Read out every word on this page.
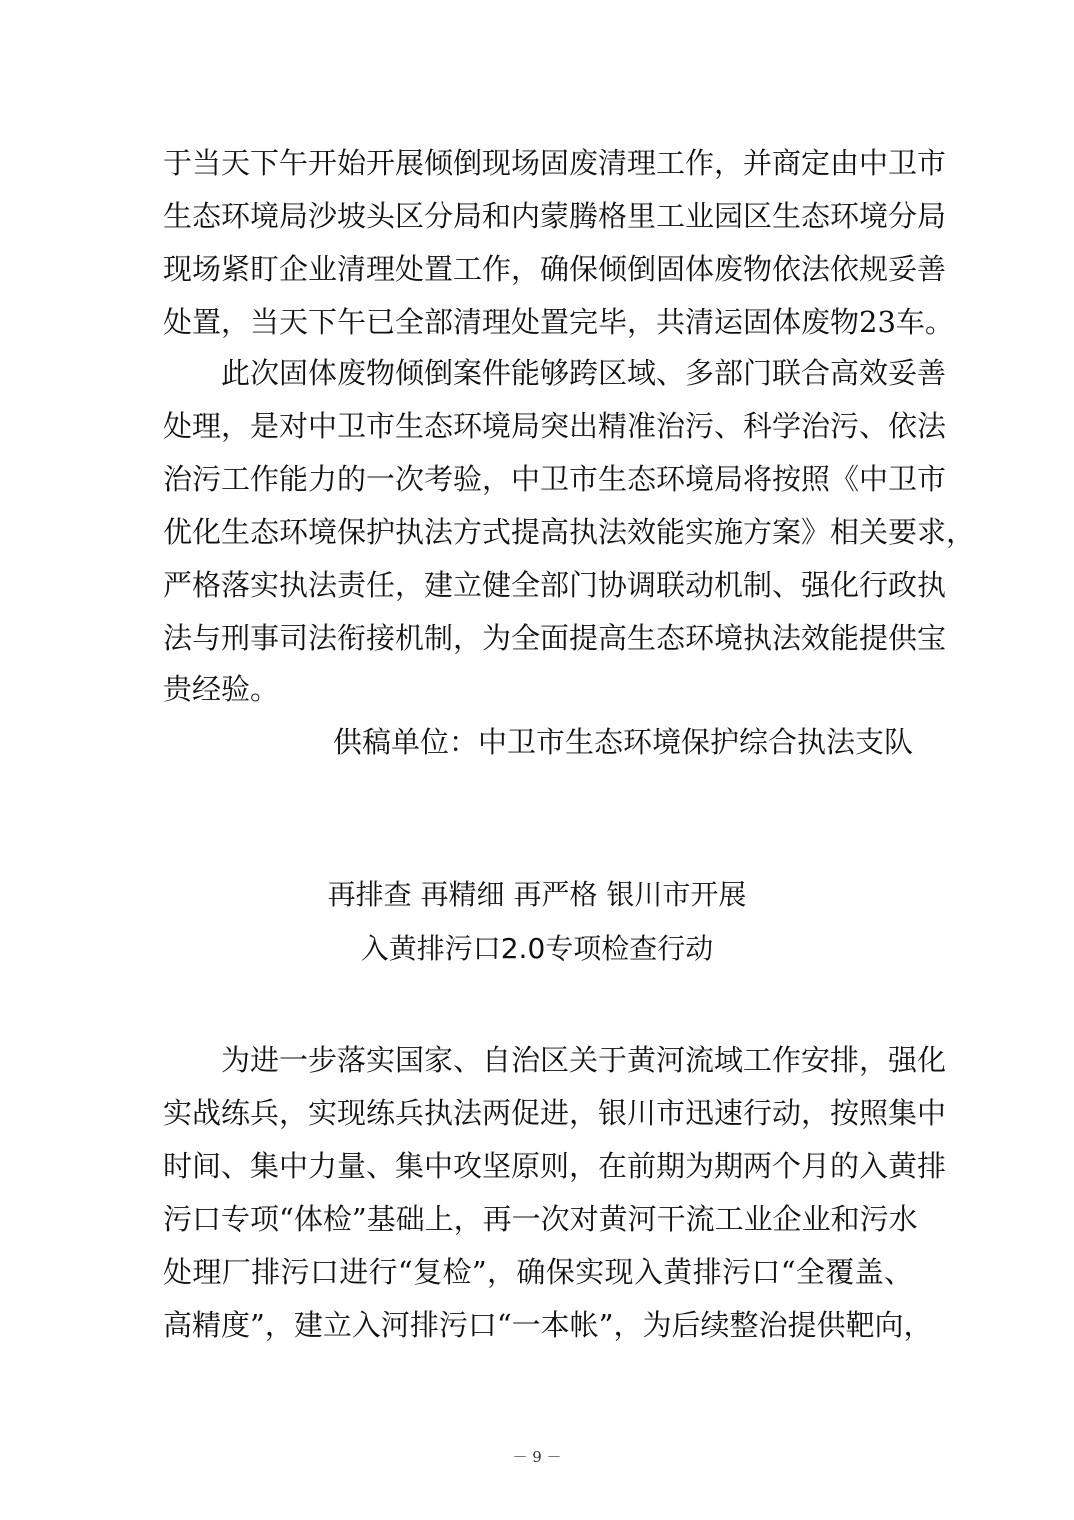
于当天下午开始开展倾倒现场固废清理工作，并商定由中卫市
生态环境局沙坡头区分局和内蒙腾格里工业园区生态环境分局
现场紧盯企业清理处置工作，确保倾倒固体废物依法依规妥善
处置，当天下午已全部清理处置完毕，共清运固体废物23车。
此次固体废物倾倒案件能够跨区域、多部门联合高效妥善
处理，是对中卫市生态环境局突出精准治污、科学治污、依法
治污工作能力的一次考验，中卫市生态环境局将按照《中卫市
优化生态环境保护执法方式提高执法效能实施方案》相关要求，
严格落实执法责任，建立健全部门协调联动机制、强化行政执
法与刑事司法衔接机制，为全面提高生态环境执法效能提供宝
贵经验。
供稿单位：中卫市生态环境保护综合执法支队
再排查 再精细 再严格 银川市开展
入黄排污口2.0专项检查行动
为进一步落实国家、自治区关于黄河流域工作安排，强化
实战练兵，实现练兵执法两促进，银川市迅速行动，按照集中
时间、集中力量、集中攻坚原则，在前期为期两个月的入黄排
污口专项“体检”基础上，再一次对黄河干流工业企业和污水
处理厂排污口进行“复检”，确保实现入黄排污口“全覆盖、
高精度”，建立入河排污口“一本帐”，为后续整治提供靶向，
－ 9 －
